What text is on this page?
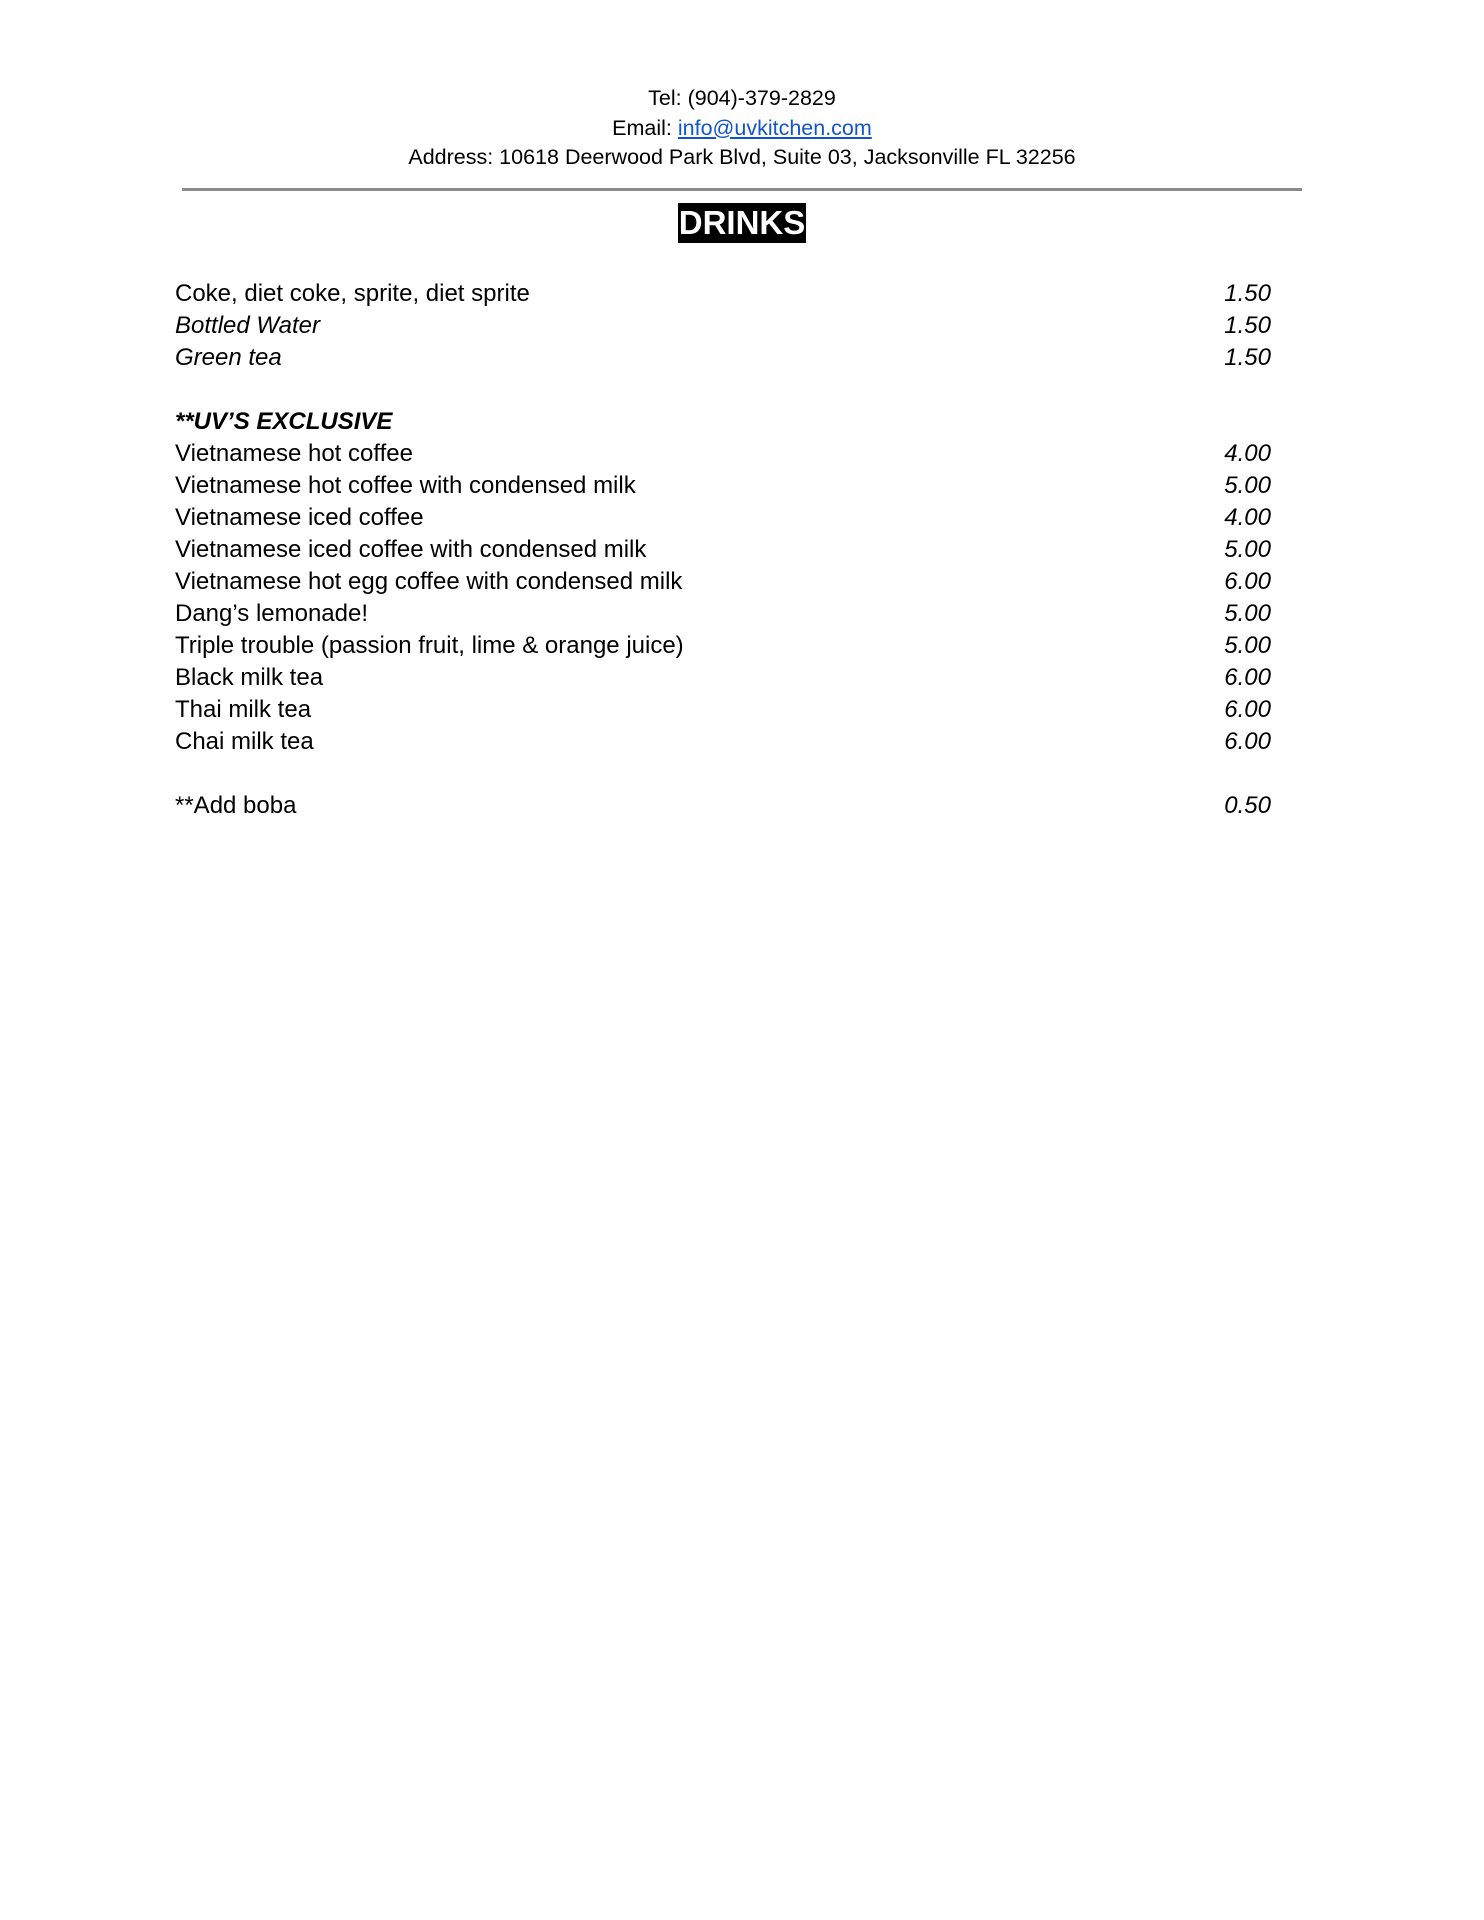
Tel: (904)-379-2829
Email: info@uvkitchen.com
Address: 10618 Deerwood Park Blvd, Suite 03, Jacksonville FL 32256
DRINKS
Coke, diet coke, sprite, diet sprite	1.50
Bottled Water	1.50
Green tea	1.50
**UV’S EXCLUSIVE
Vietnamese hot coffee	4.00
Vietnamese hot coffee with condensed milk	5.00
Vietnamese iced coffee	4.00
Vietnamese iced coffee with condensed milk	5.00
Vietnamese hot egg coffee with condensed milk	6.00
Dang’s lemonade!	5.00
Triple trouble (passion fruit, lime & orange juice)	5.00
Black milk tea	6.00
Thai milk tea	6.00
Chai milk tea	6.00
**Add boba	0.50
